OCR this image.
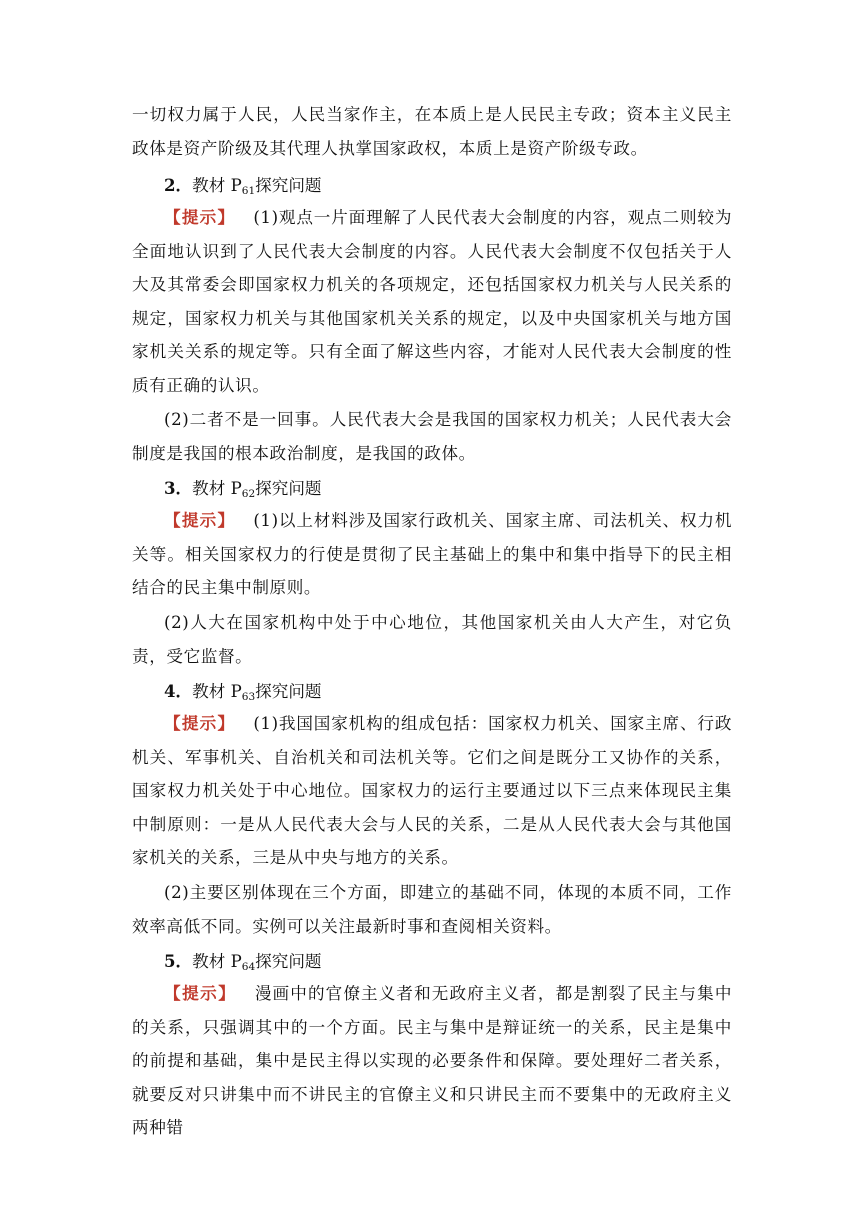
一切权力属于人民，人民当家作主，在本质上是人民民主专政；资本主义民主政体是资产阶级及其代理人执掌国家政权，本质上是资产阶级专政。
2．教材 $P_{61}$探究问题
【提示】 (1)观点一片面理解了人民代表大会制度的内容，观点二则较为全面地认识到了人民代表大会制度的内容。人民代表大会制度不仅包括关于人大及其常委会即国家权力机关的各项规定，还包括国家权力机关与人民关系的规定，国家权力机关与其他国家机关关系的规定，以及中央国家机关与地方国家机关关系的规定等。只有全面了解这些内容，才能对人民代表大会制度的性质有正确的认识。
(2)二者不是一回事。人民代表大会是我国的国家权力机关；人民代表大会制度是我国的根本政治制度，是我国的政体。
3．教材 $P_{62}$探究问题
【提示】 (1)以上材料涉及国家行政机关、国家主席、司法机关、权力机关等。相关国家权力的行使是贯彻了民主基础上的集中和集中指导下的民主相结合的民主集中制原则。
(2)人大在国家机构中处于中心地位，其他国家机关由人大产生，对它负责，受它监督。
4．教材 $P_{63}$探究问题
【提示】 (1)我国国家机构的组成包括：国家权力机关、国家主席、行政机关、军事机关、自治机关和司法机关等。它们之间是既分工又协作的关系，国家权力机关处于中心地位。国家权力的运行主要通过以下三点来体现民主集中制原则：一是从人民代表大会与人民的关系，二是从人民代表大会与其他国家机关的关系，三是从中央与地方的关系。
(2)主要区别体现在三个方面，即建立的基础不同，体现的本质不同，工作效率高低不同。实例可以关注最新时事和查阅相关资料。
5．教材 $P_{64}$探究问题
【提示】 漫画中的官僚主义者和无政府主义者，都是割裂了民主与集中的关系，只强调其中的一个方面。民主与集中是辩证统一的关系，民主是集中的前提和基础，集中是民主得以实现的必要条件和保障。要处理好二者关系，就要反对只讲集中而不讲民主的官僚主义和只讲民主而不要集中的无政府主义两种错
